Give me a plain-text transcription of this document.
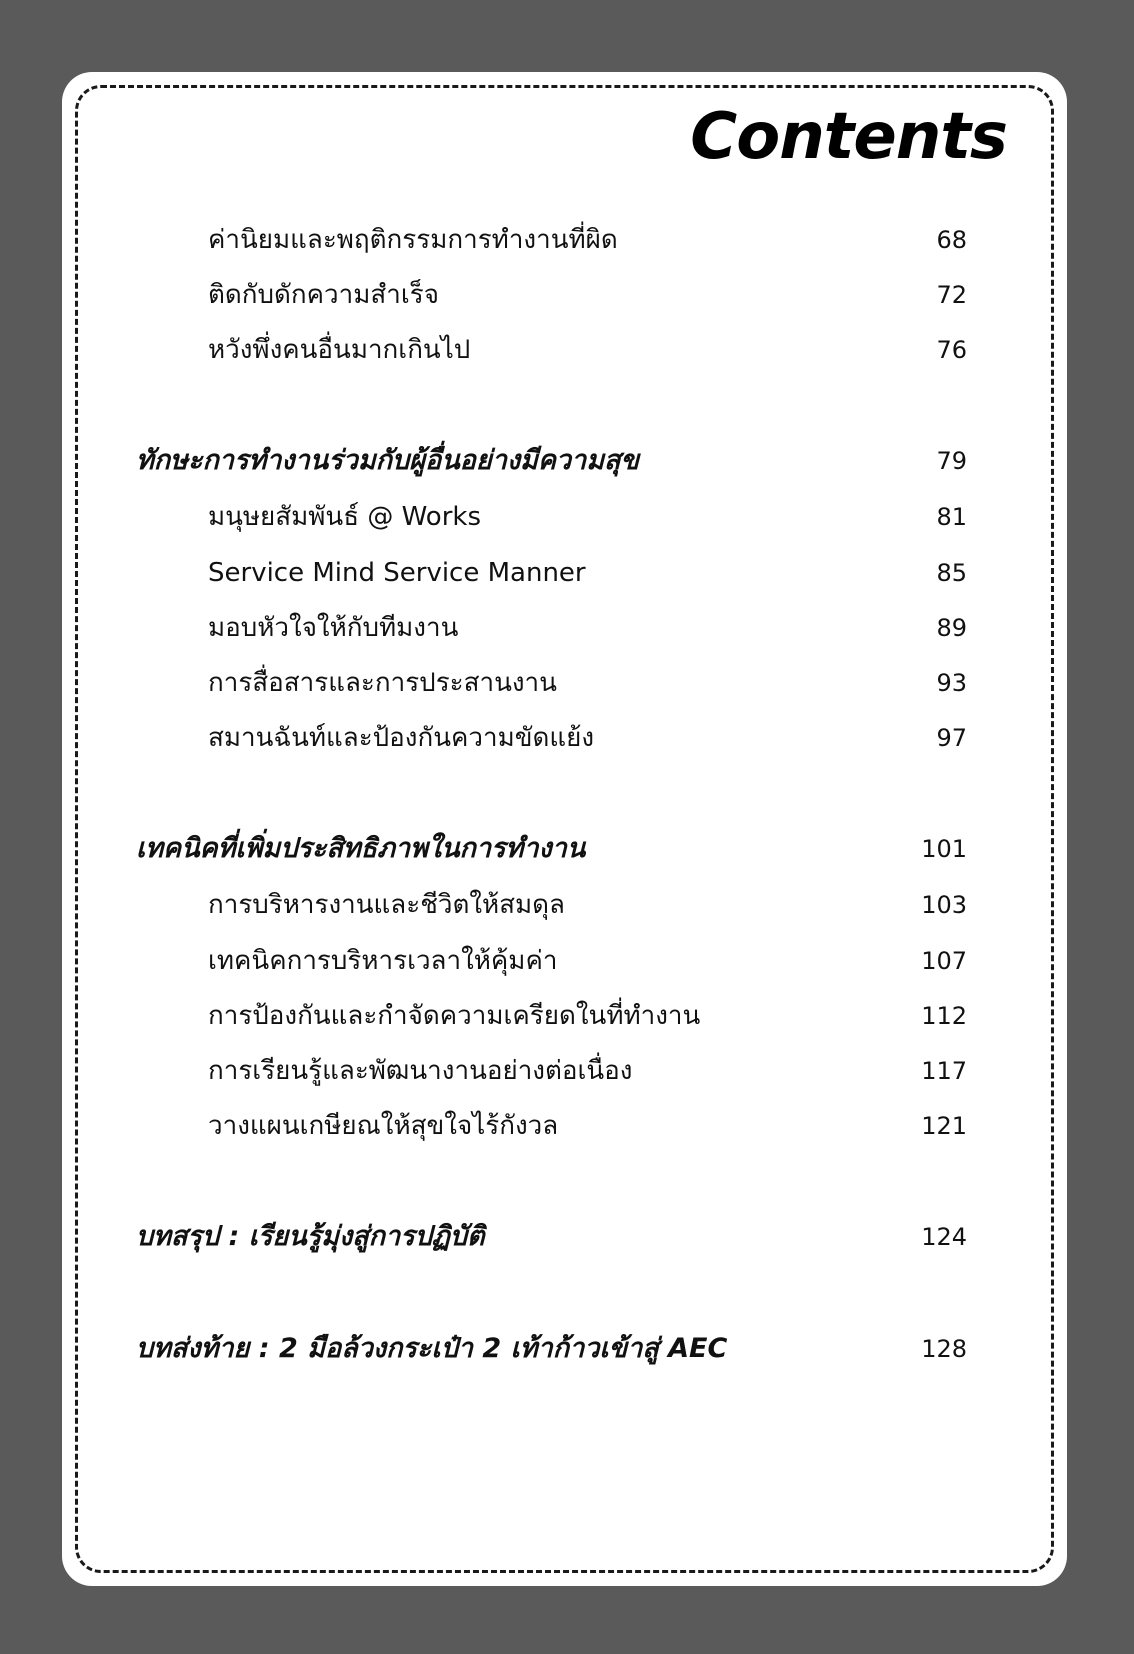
Contents
ค่านิยมและพฤติกรรมการทำงานที่ผิด	68
ติดกับดักความสำเร็จ	72
หวังพึ่งคนอื่นมากเกินไป	76
ทักษะการทำงานร่วมกับผู้อื่นอย่างมีความสุข	79
มนุษยสัมพันธ์ @ Works	81
Service Mind Service Manner	85
มอบหัวใจให้กับทีมงาน	89
การสื่อสารและการประสานงาน	93
สมานฉันท์และป้องกันความขัดแย้ง	97
เทคนิคที่เพิ่มประสิทธิภาพในการทำงาน	101
การบริหารงานและชีวิตให้สมดุล	103
เทคนิคการบริหารเวลาให้คุ้มค่า	107
การป้องกันและกำจัดความเครียดในที่ทำงาน	112
การเรียนรู้และพัฒนางานอย่างต่อเนื่อง	117
วางแผนเกษียณให้สุขใจไร้กังวล	121
บทสรุป : เรียนรู้มุ่งสู่การปฏิบัติ	124
บทส่งท้าย : 2 มือล้วงกระเป๋า 2 เท้าก้าวเข้าสู่ AEC	128
